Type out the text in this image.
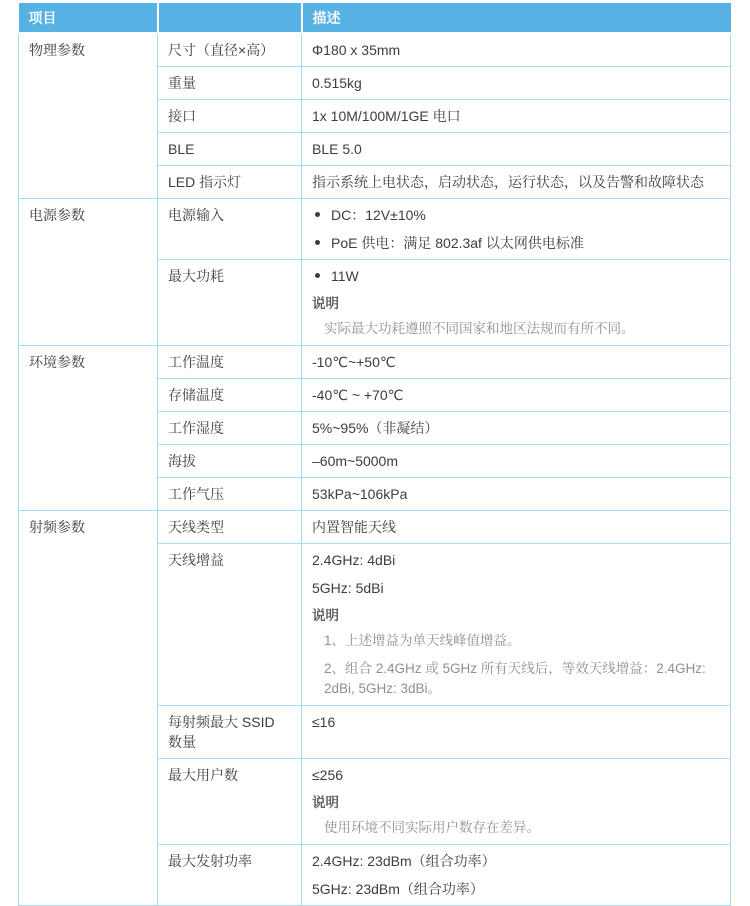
项目		描述
物理参数	尺寸（直径×高）	Φ180 x 35mm

	重量	0.515kg

	接口	1x 10M/100M/1GE 电口

	BLE	BLE 5.0

	LED 指示灯	指示系统上电状态，启动状态，运行状态，以及告警和故障状态

电源参数	电源输入	DC：12V±10%

PoE 供电：满足 802.3af 以太网供电标准

	最大功耗	11W

说明

实际最大功耗遵照不同国家和地区法规而有所不同。

环境参数	工作温度	-10℃~+50℃

	存储温度	-40℃ ~ +70℃

	工作湿度	5%~95%（非凝结）

	海拔	–60m~5000m

	工作气压	53kPa~106kPa

射频参数	天线类型	内置智能天线

	天线增益	2.4GHz: 4dBi

5GHz: 5dBi

说明

1、上述增益为单天线峰值增益。

2、组合 2.4GHz 或 5GHz 所有天线后，等效天线增益：2.4GHz: 2dBi, 5GHz: 3dBi。

	每射频最大 SSID 数量	≤16

	最大用户数	≤256

说明

使用环境不同实际用户数存在差异。

	最大发射功率	2.4GHz: 23dBm（组合功率）

5GHz: 23dBm（组合功率）
